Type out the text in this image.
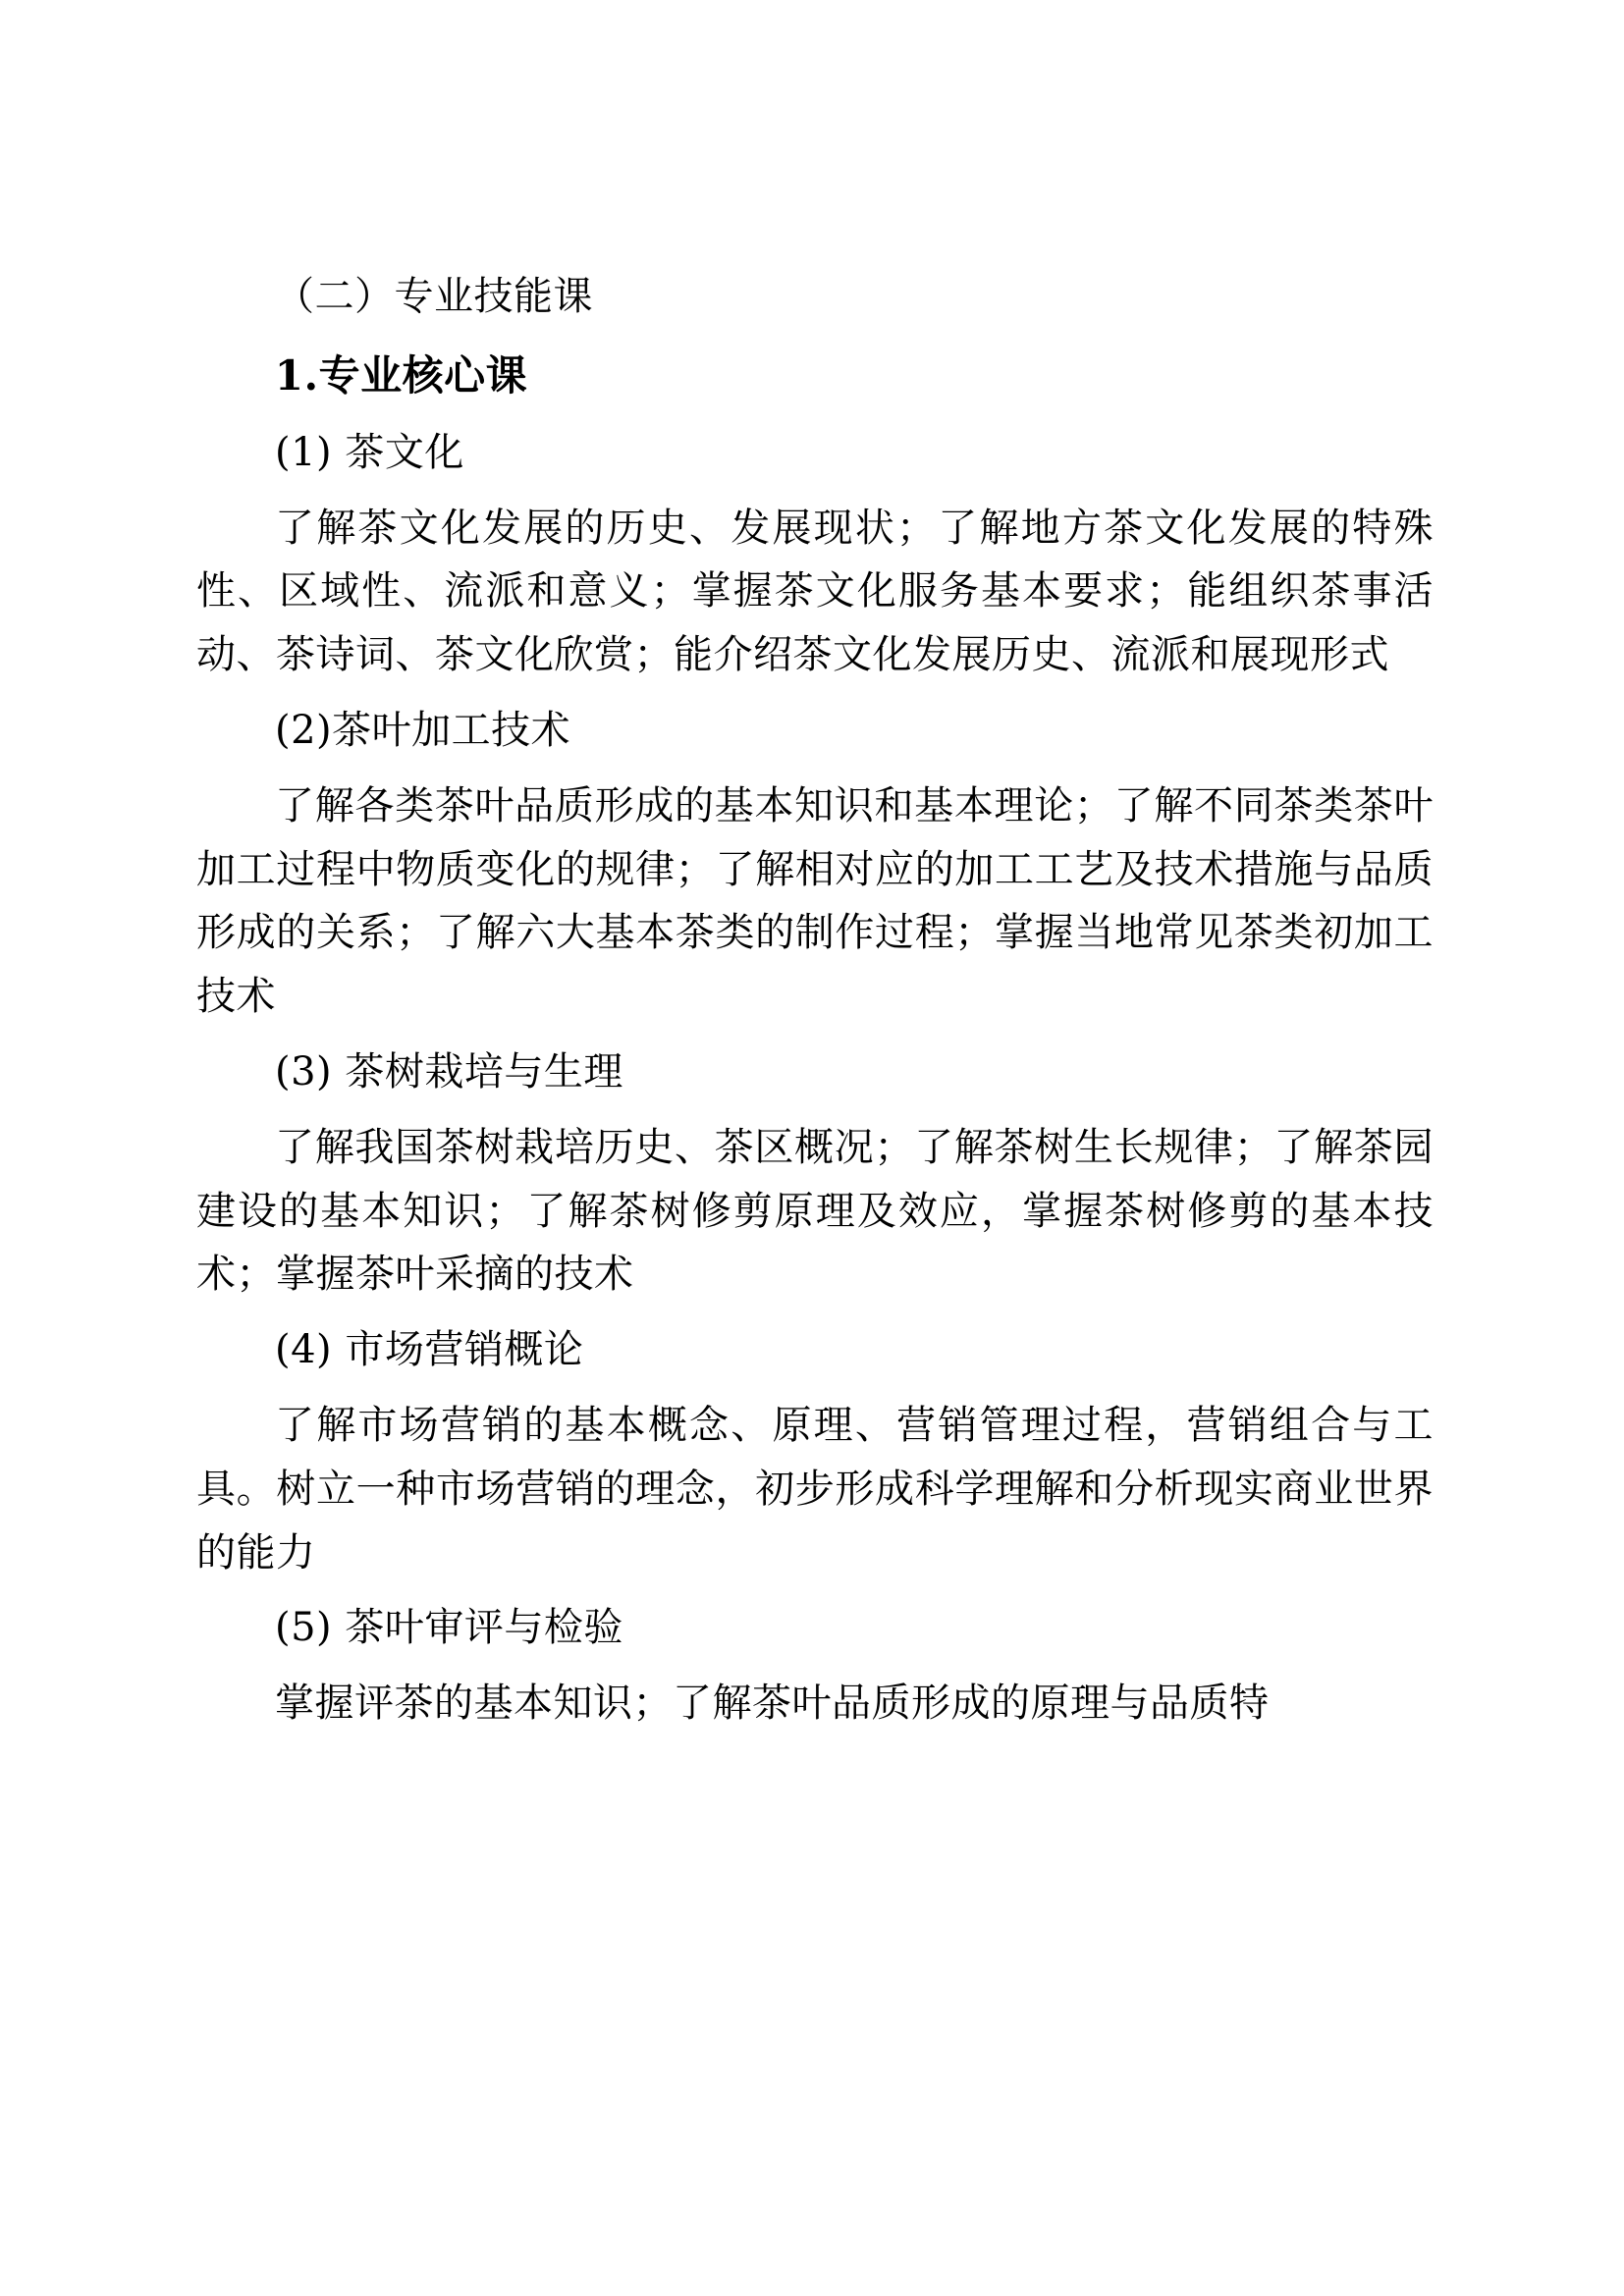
（二）专业技能课

1.专业核心课

(1) 茶文化

了解茶文化发展的历史、发展现状；了解地方茶文化发展的特殊性、区域性、流派和意义；掌握茶文化服务基本要求；能组织茶事活动、茶诗词、茶文化欣赏；能介绍茶文化发展历史、流派和展现形式

(2)茶叶加工技术

了解各类茶叶品质形成的基本知识和基本理论；了解不同茶类茶叶加工过程中物质变化的规律；了解相对应的加工工艺及技术措施与品质形成的关系；了解六大基本茶类的制作过程；掌握当地常见茶类初加工技术

(3) 茶树栽培与生理

了解我国茶树栽培历史、茶区概况；了解茶树生长规律；了解茶园建设的基本知识；了解茶树修剪原理及效应，掌握茶树修剪的基本技术；掌握茶叶采摘的技术

(4) 市场营销概论

了解市场营销的基本概念、原理、营销管理过程，营销组合与工具。树立一种市场营销的理念，初步形成科学理解和分析现实商业世界的能力

(5) 茶叶审评与检验

掌握评茶的基本知识；了解茶叶品质形成的原理与品质特
